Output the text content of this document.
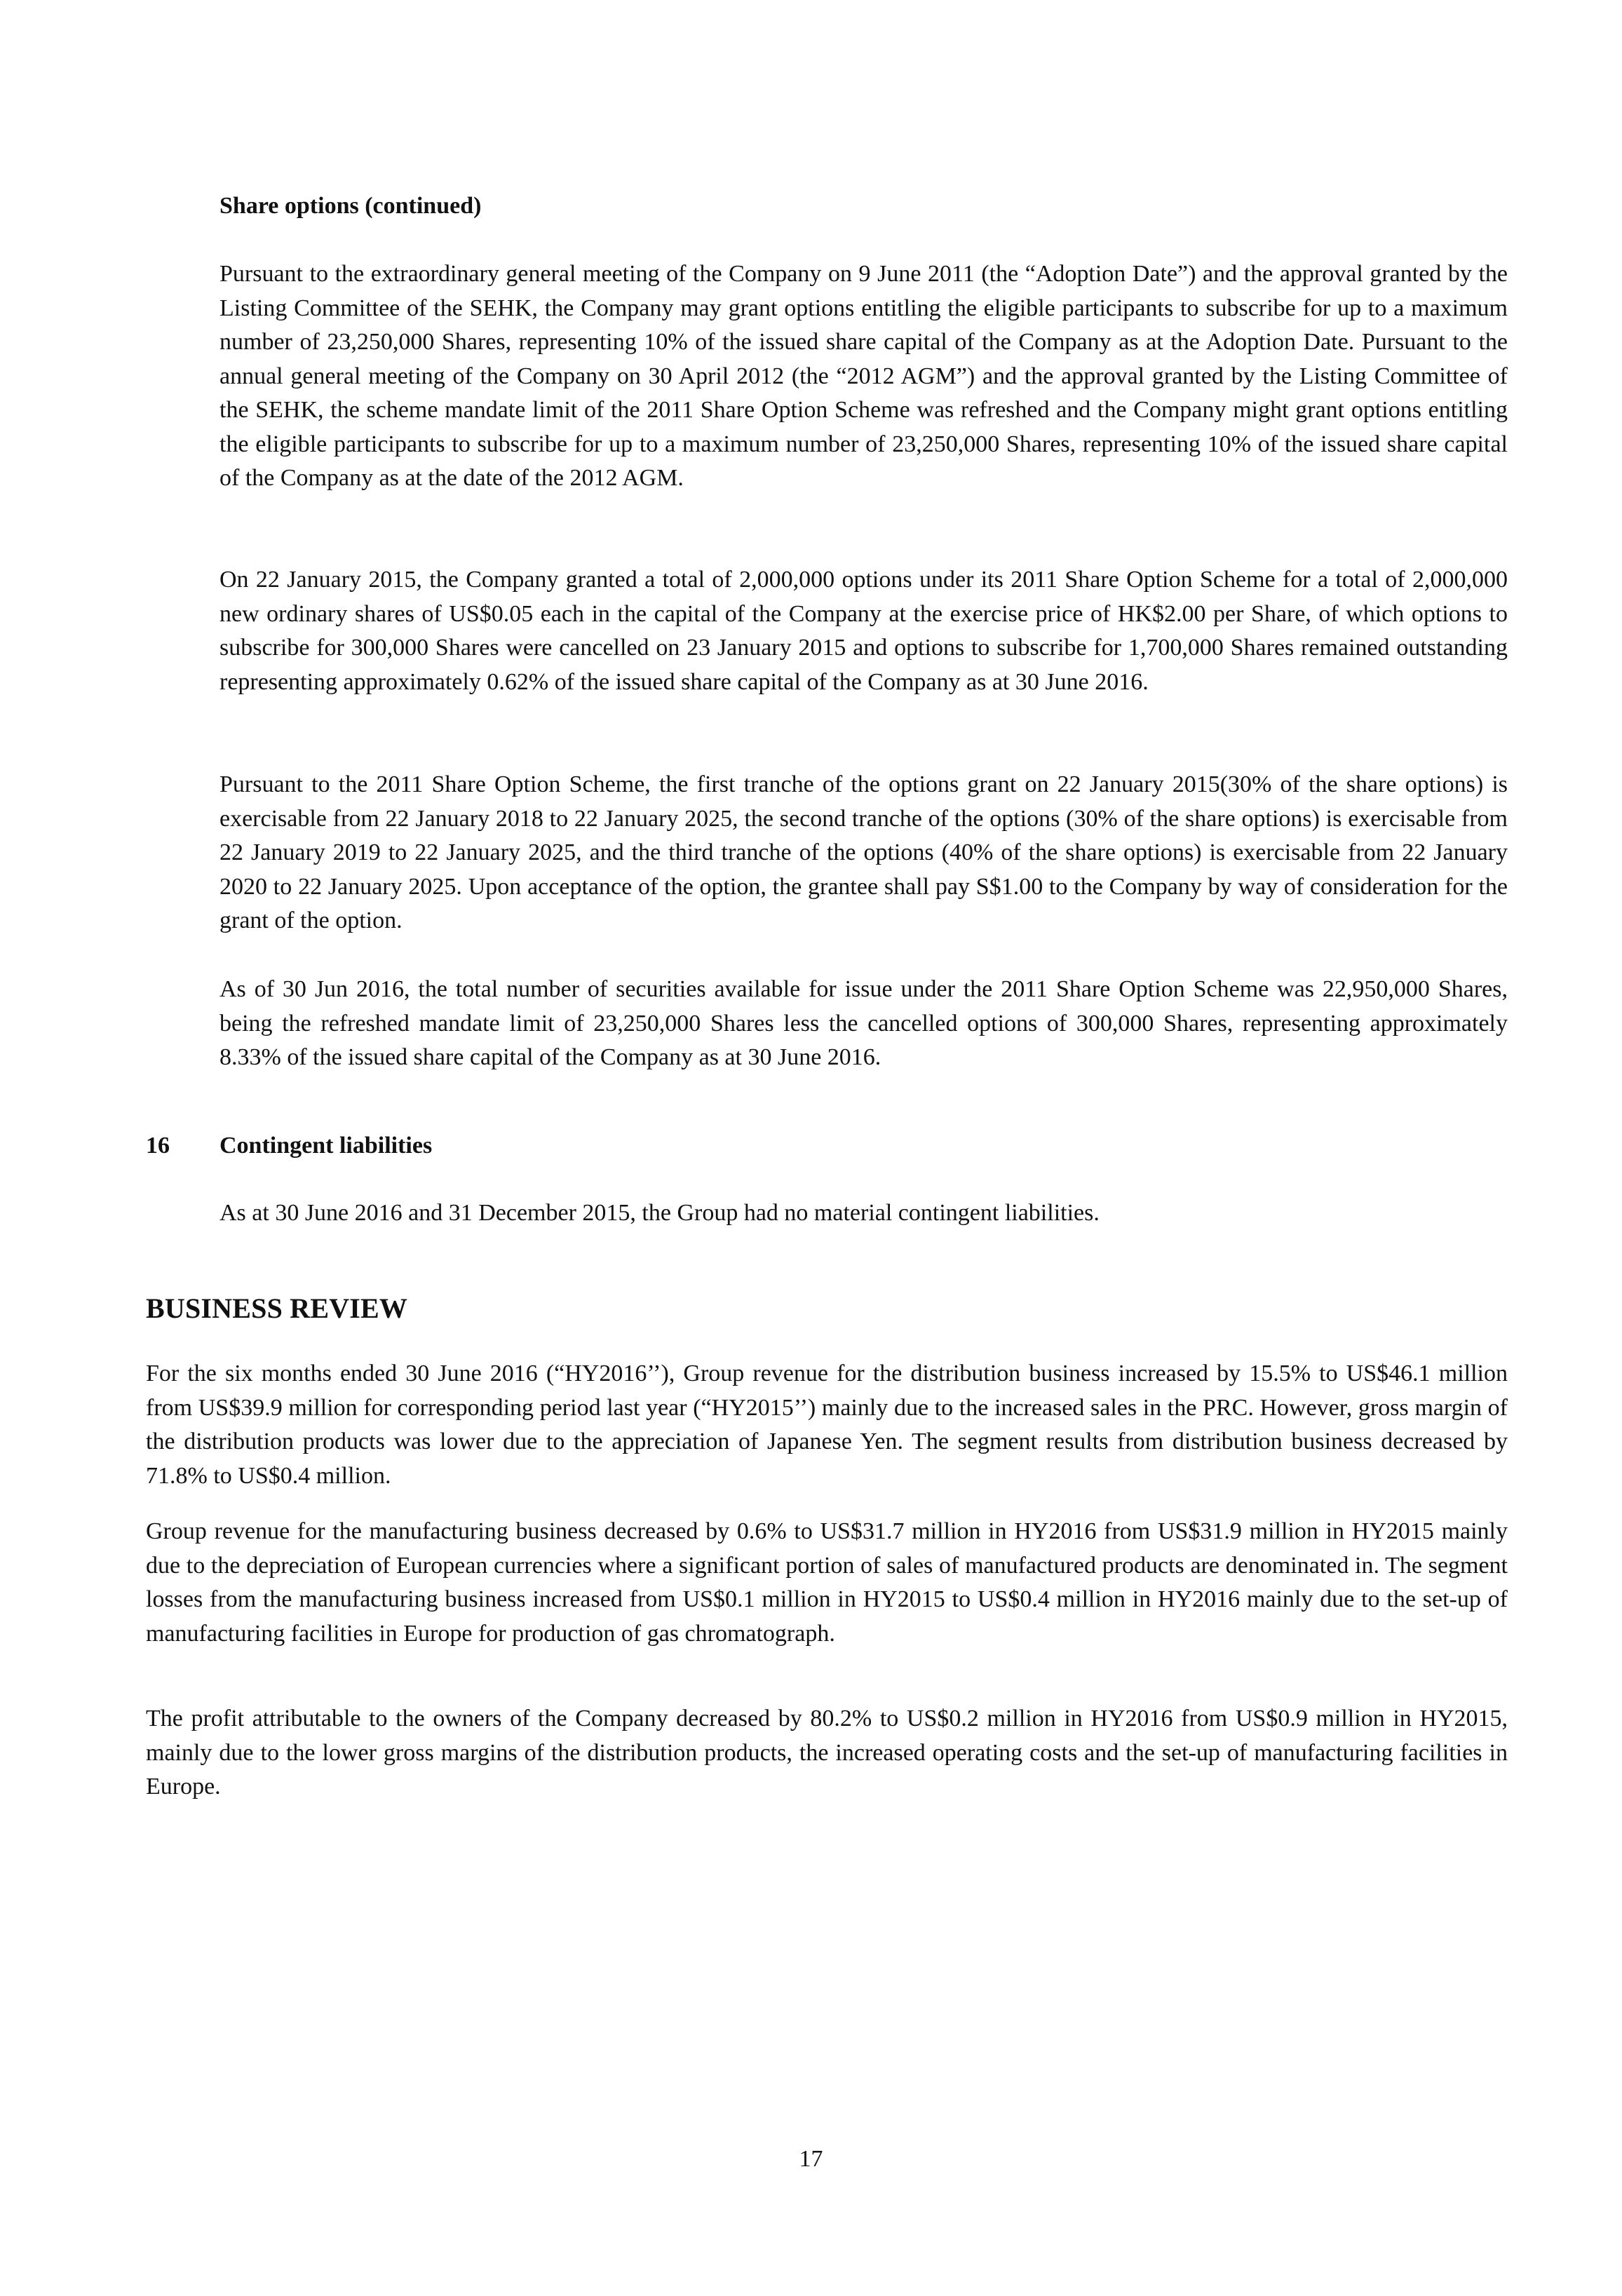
Share options (continued)

Pursuant to the extraordinary general meeting of the Company on 9 June 2011 (the “Adoption Date”) and the approval granted by the Listing Committee of the SEHK, the Company may grant options entitling the eligible participants to subscribe for up to a maximum number of 23,250,000 Shares, representing 10% of the issued share capital of the Company as at the Adoption Date. Pursuant to the annual general meeting of the Company on 30 April 2012 (the “2012 AGM”) and the approval granted by the Listing Committee of the SEHK, the scheme mandate limit of the 2011 Share Option Scheme was refreshed and the Company might grant options entitling the eligible participants to subscribe for up to a maximum number of 23,250,000 Shares, representing 10% of the issued share capital of the Company as at the date of the 2012 AGM.

On 22 January 2015, the Company granted a total of 2,000,000 options under its 2011 Share Option Scheme for a total of 2,000,000 new ordinary shares of US$0.05 each in the capital of the Company at the exercise price of HK$2.00 per Share, of which options to subscribe for 300,000 Shares were cancelled on 23 January 2015 and options to subscribe for 1,700,000 Shares remained outstanding representing approximately 0.62% of the issued share capital of the Company as at 30 June 2016.

Pursuant to the 2011 Share Option Scheme, the first tranche of the options grant on 22 January 2015(30% of the share options) is exercisable from 22 January 2018 to 22 January 2025, the second tranche of the options (30% of the share options) is exercisable from 22 January 2019 to 22 January 2025, and the third tranche of the options (40% of the share options) is exercisable from 22 January 2020 to 22 January 2025. Upon acceptance of the option, the grantee shall pay S$1.00 to the Company by way of consideration for the grant of the option.

As of 30 Jun 2016, the total number of securities available for issue under the 2011 Share Option Scheme was 22,950,000 Shares, being the refreshed mandate limit of 23,250,000 Shares less the cancelled options of 300,000 Shares, representing approximately 8.33% of the issued share capital of the Company as at 30 June 2016.

16 Contingent liabilities

As at 30 June 2016 and 31 December 2015, the Group had no material contingent liabilities.

BUSINESS REVIEW

For the six months ended 30 June 2016 (“HY2016’’), Group revenue for the distribution business increased by 15.5% to US$46.1 million from US$39.9 million for corresponding period last year (“HY2015’’) mainly due to the increased sales in the PRC. However, gross margin of the distribution products was lower due to the appreciation of Japanese Yen. The segment results from distribution business decreased by 71.8% to US$0.4 million.

Group revenue for the manufacturing business decreased by 0.6% to US$31.7 million in HY2016 from US$31.9 million in HY2015 mainly due to the depreciation of European currencies where a significant portion of sales of manufactured products are denominated in. The segment losses from the manufacturing business increased from US$0.1 million in HY2015 to US$0.4 million in HY2016 mainly due to the set-up of manufacturing facilities in Europe for production of gas chromatograph.

The profit attributable to the owners of the Company decreased by 80.2% to US$0.2 million in HY2016 from US$0.9 million in HY2015, mainly due to the lower gross margins of the distribution products, the increased operating costs and the set-up of manufacturing facilities in Europe.

17
